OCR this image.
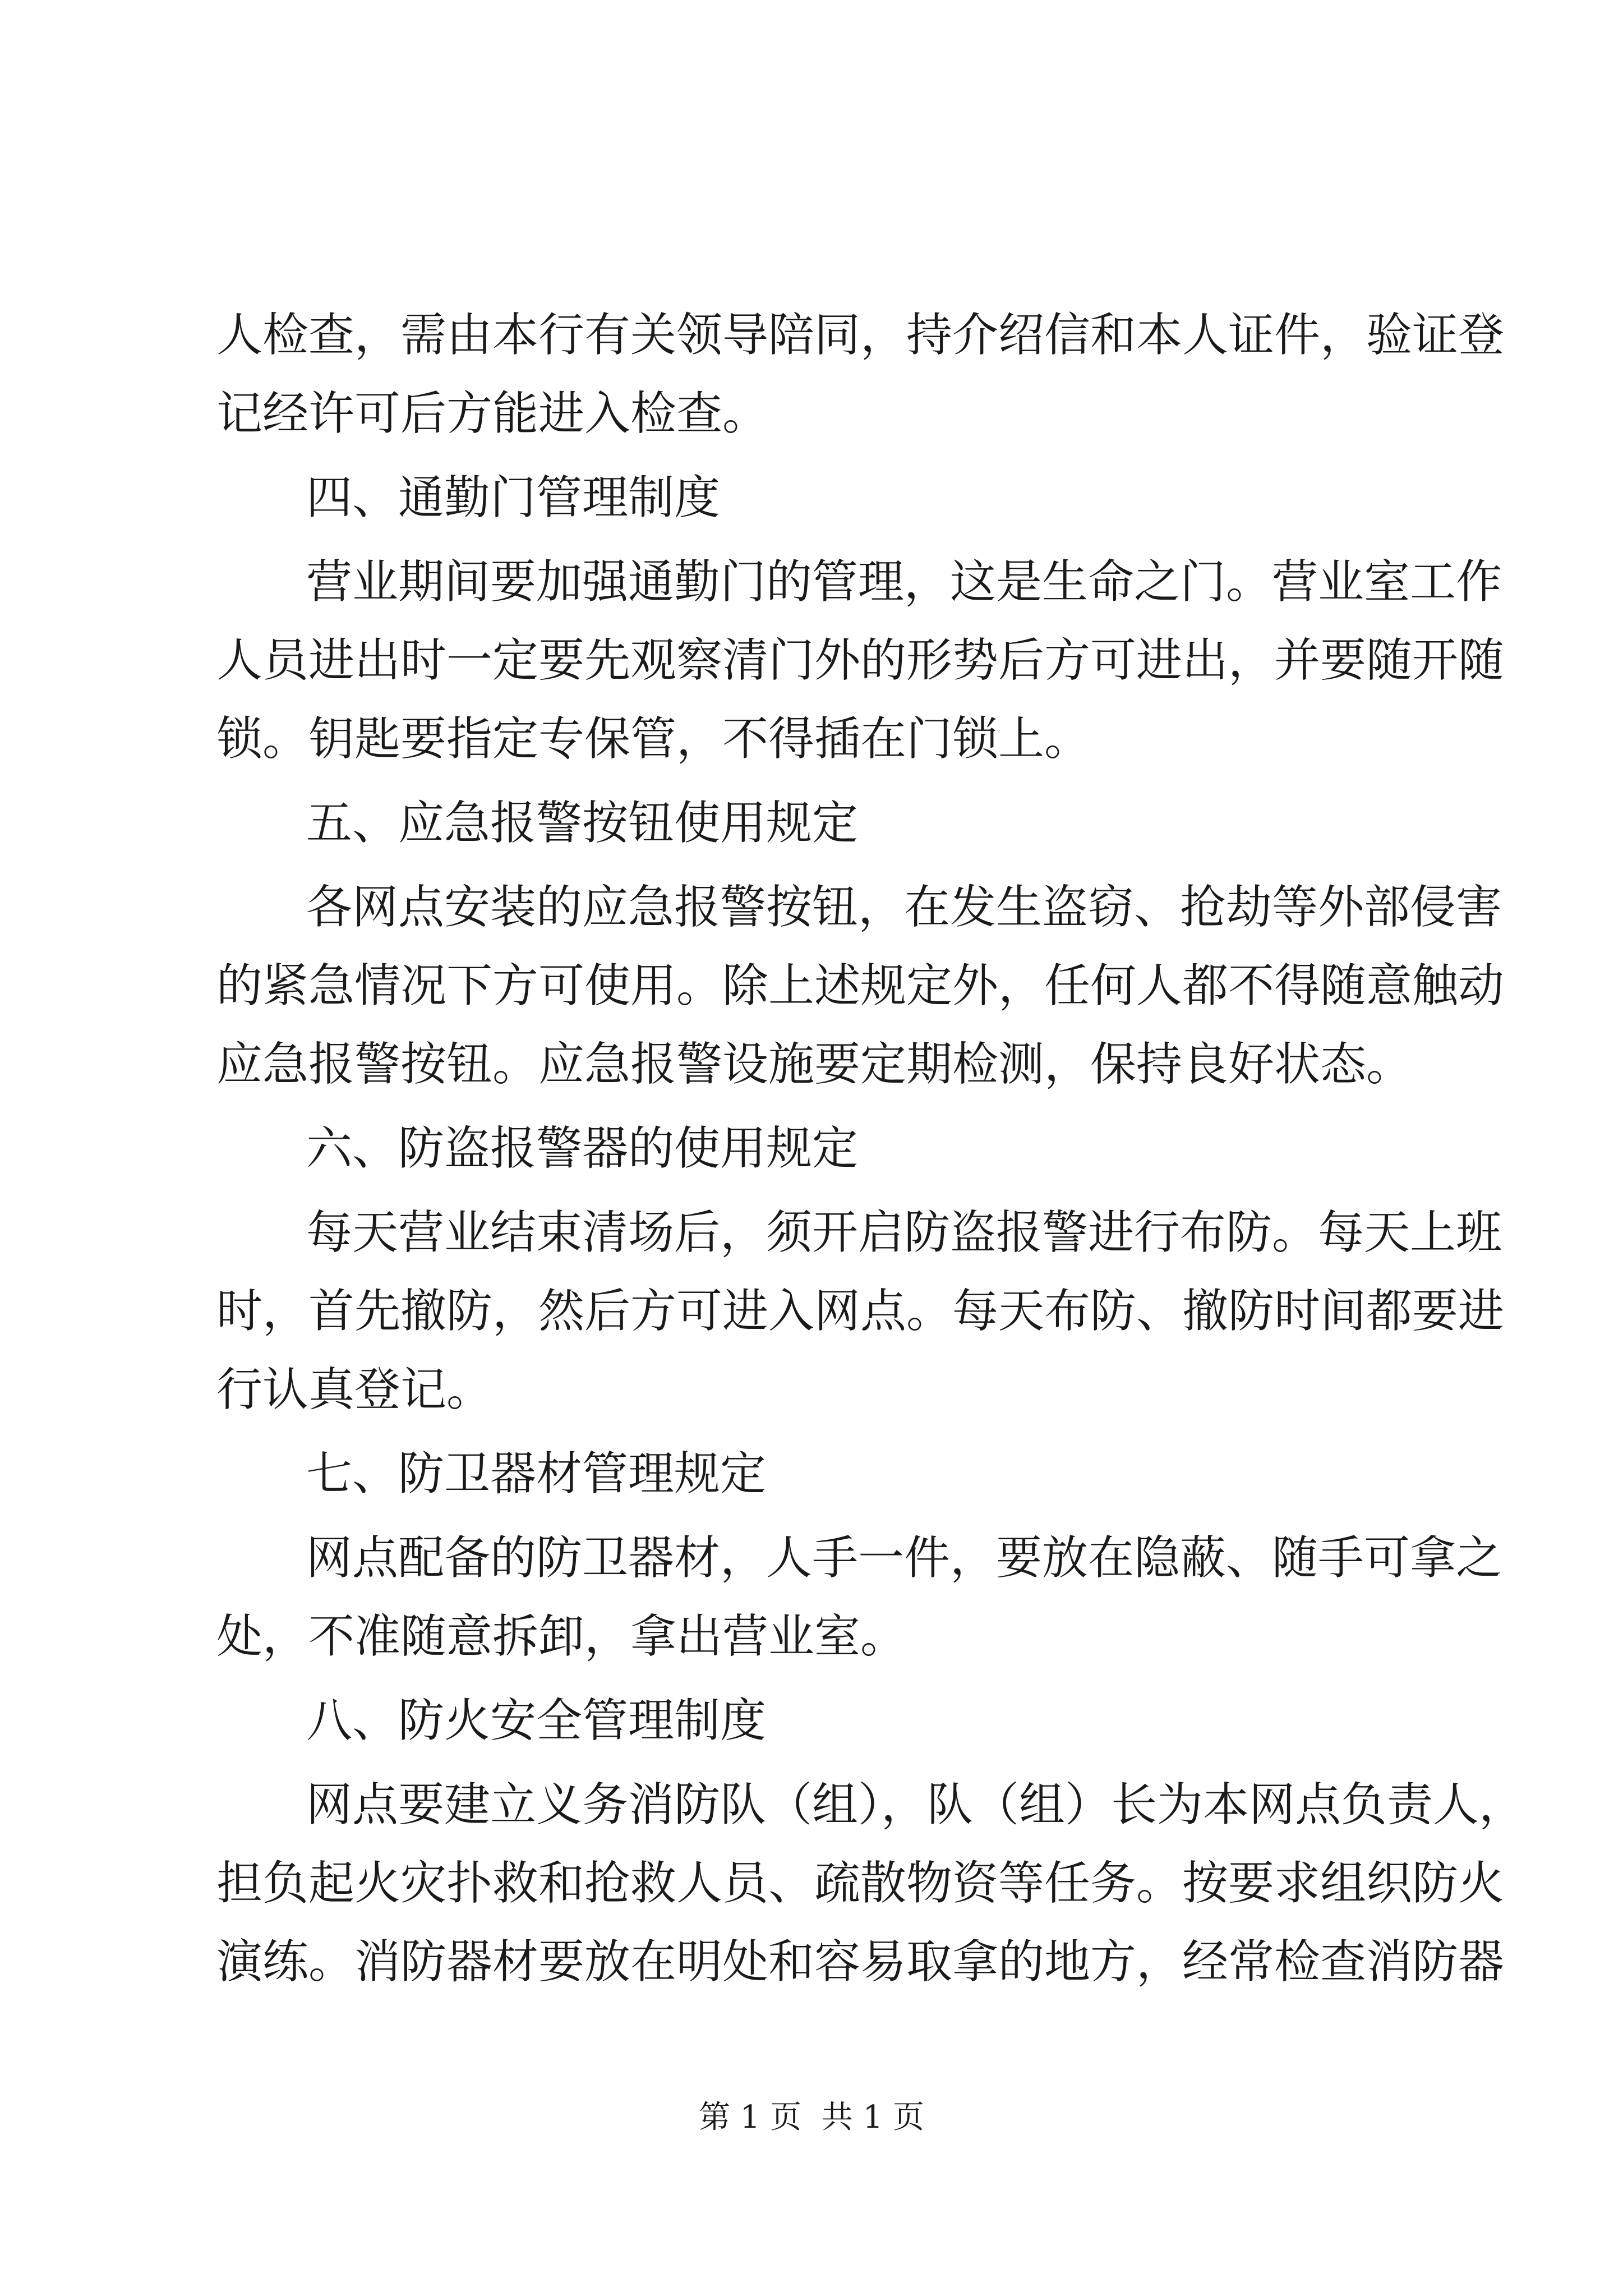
人检查，需由本行有关领导陪同，持介绍信和本人证件，验证登
记经许可后方能进入检查。
四、通勤门管理制度
营业期间要加强通勤门的管理，这是生命之门。营业室工作
人员进出时一定要先观察清门外的形势后方可进出，并要随开随
锁。钥匙要指定专保管，不得插在门锁上。
五、应急报警按钮使用规定
各网点安装的应急报警按钮，在发生盗窃、抢劫等外部侵害
的紧急情况下方可使用。除上述规定外，任何人都不得随意触动
应急报警按钮。应急报警设施要定期检测，保持良好状态。
六、防盗报警器的使用规定
每天营业结束清场后，须开启防盗报警进行布防。每天上班
时，首先撤防，然后方可进入网点。每天布防、撤防时间都要进
行认真登记。
七、防卫器材管理规定
网点配备的防卫器材，人手一件，要放在隐蔽、随手可拿之
处，不准随意拆卸，拿出营业室。
八、防火安全管理制度
网点要建立义务消防队（组），队（组）长为本网点负责人，
担负起火灾扑救和抢救人员、疏散物资等任务。按要求组织防火
演练。消防器材要放在明处和容易取拿的地方，经常检查消防器
第 1 页  共 1 页
